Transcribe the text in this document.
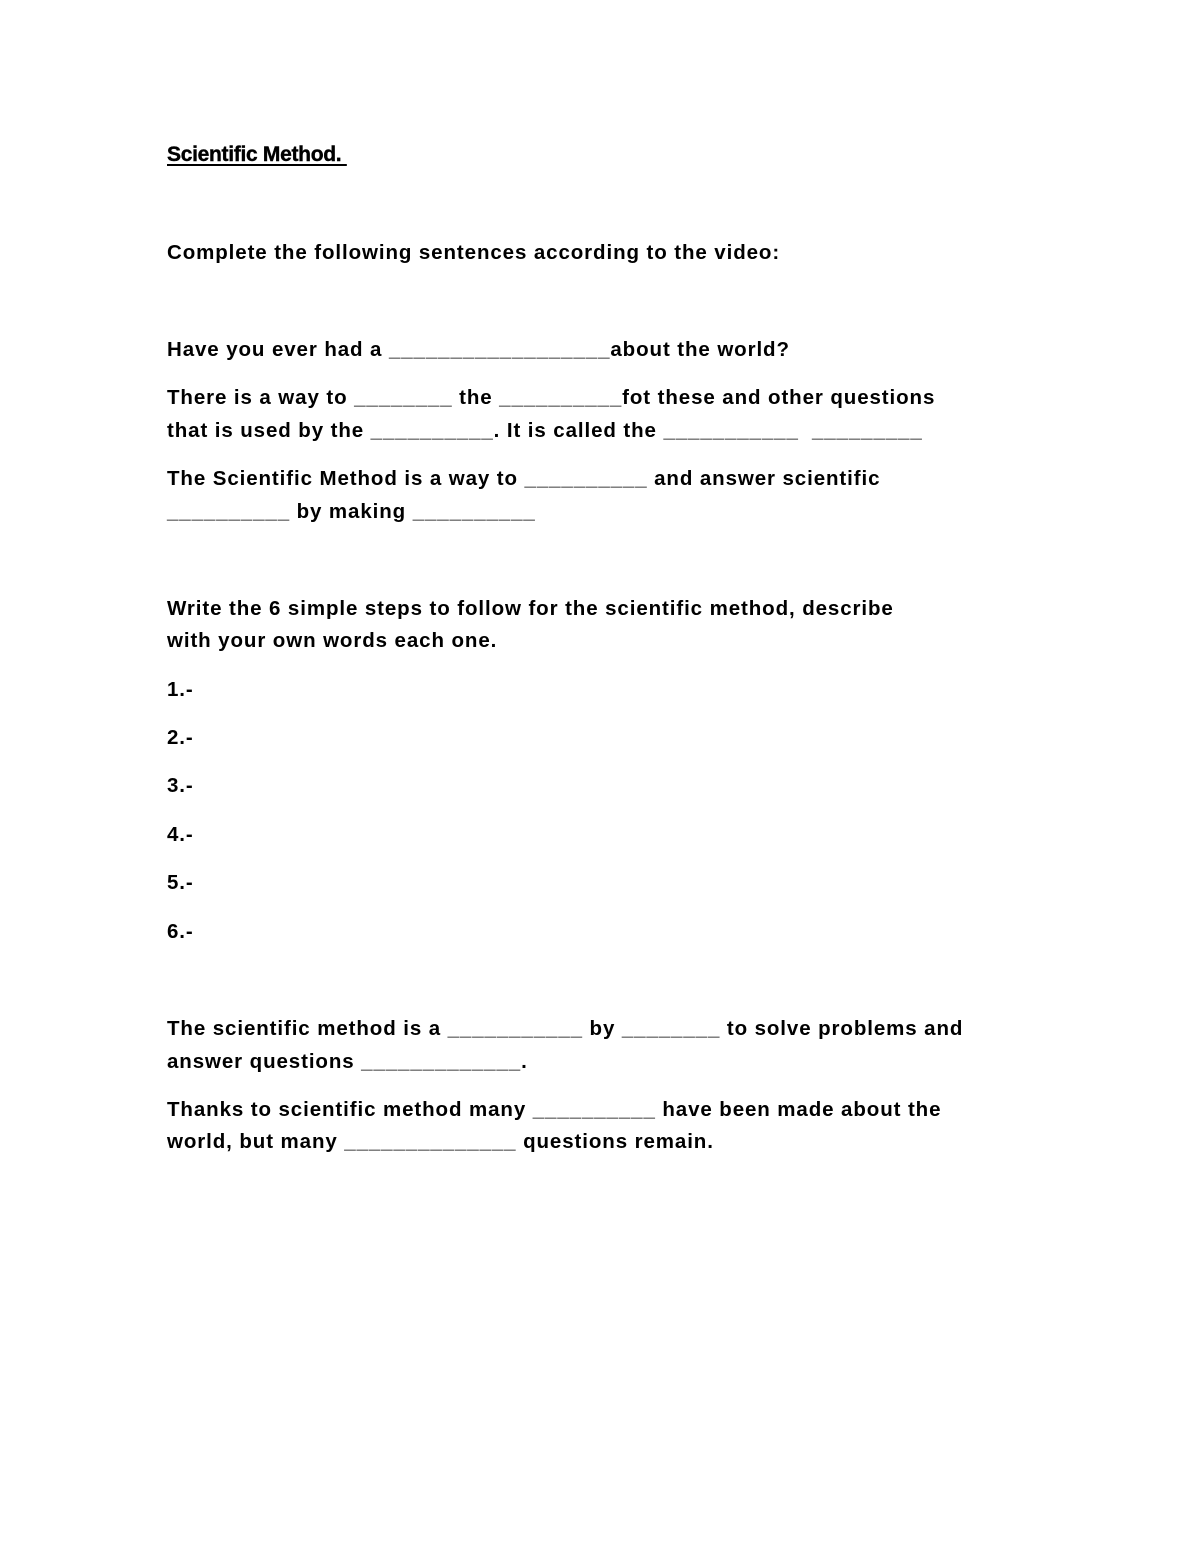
Scientific Method.
Complete the following sentences according to the video:
Have you ever had a __________________about the world?
There is a way to ________ the __________fot these and other questions
that is used by the __________. It is called the ___________  _________
The Scientific Method is a way to __________ and answer scientific
__________ by making __________
Write the 6 simple steps to follow for the scientific method, describe
with your own words each one.
1.-
2.-
3.-
4.-
5.-
6.-
The scientific method is a ___________ by ________ to solve problems and
answer questions _____________.
Thanks to scientific method many __________ have been made about the
world, but many ______________ questions remain.
